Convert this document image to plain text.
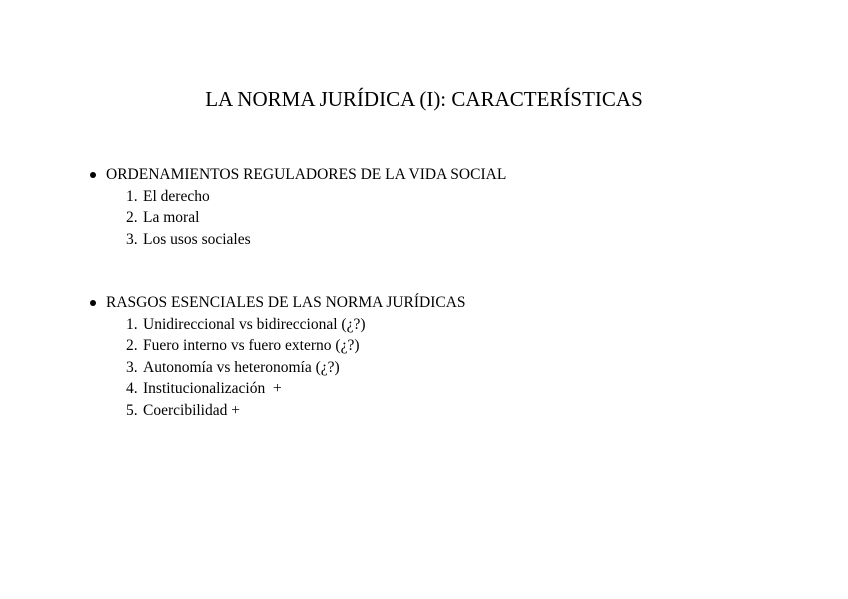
LA NORMA JURÍDICA (I): CARACTERÍSTICAS
ORDENAMIENTOS REGULADORES DE LA VIDA SOCIAL
1. El derecho
2. La moral
3. Los usos sociales
RASGOS ESENCIALES DE LAS NORMA JURÍDICAS
1. Unidireccional vs bidireccional (¿?)
2. Fuero interno vs fuero externo (¿?)
3. Autonomía vs heteronomía (¿?)
4. Institucionalización  +
5. Coercibilidad +
